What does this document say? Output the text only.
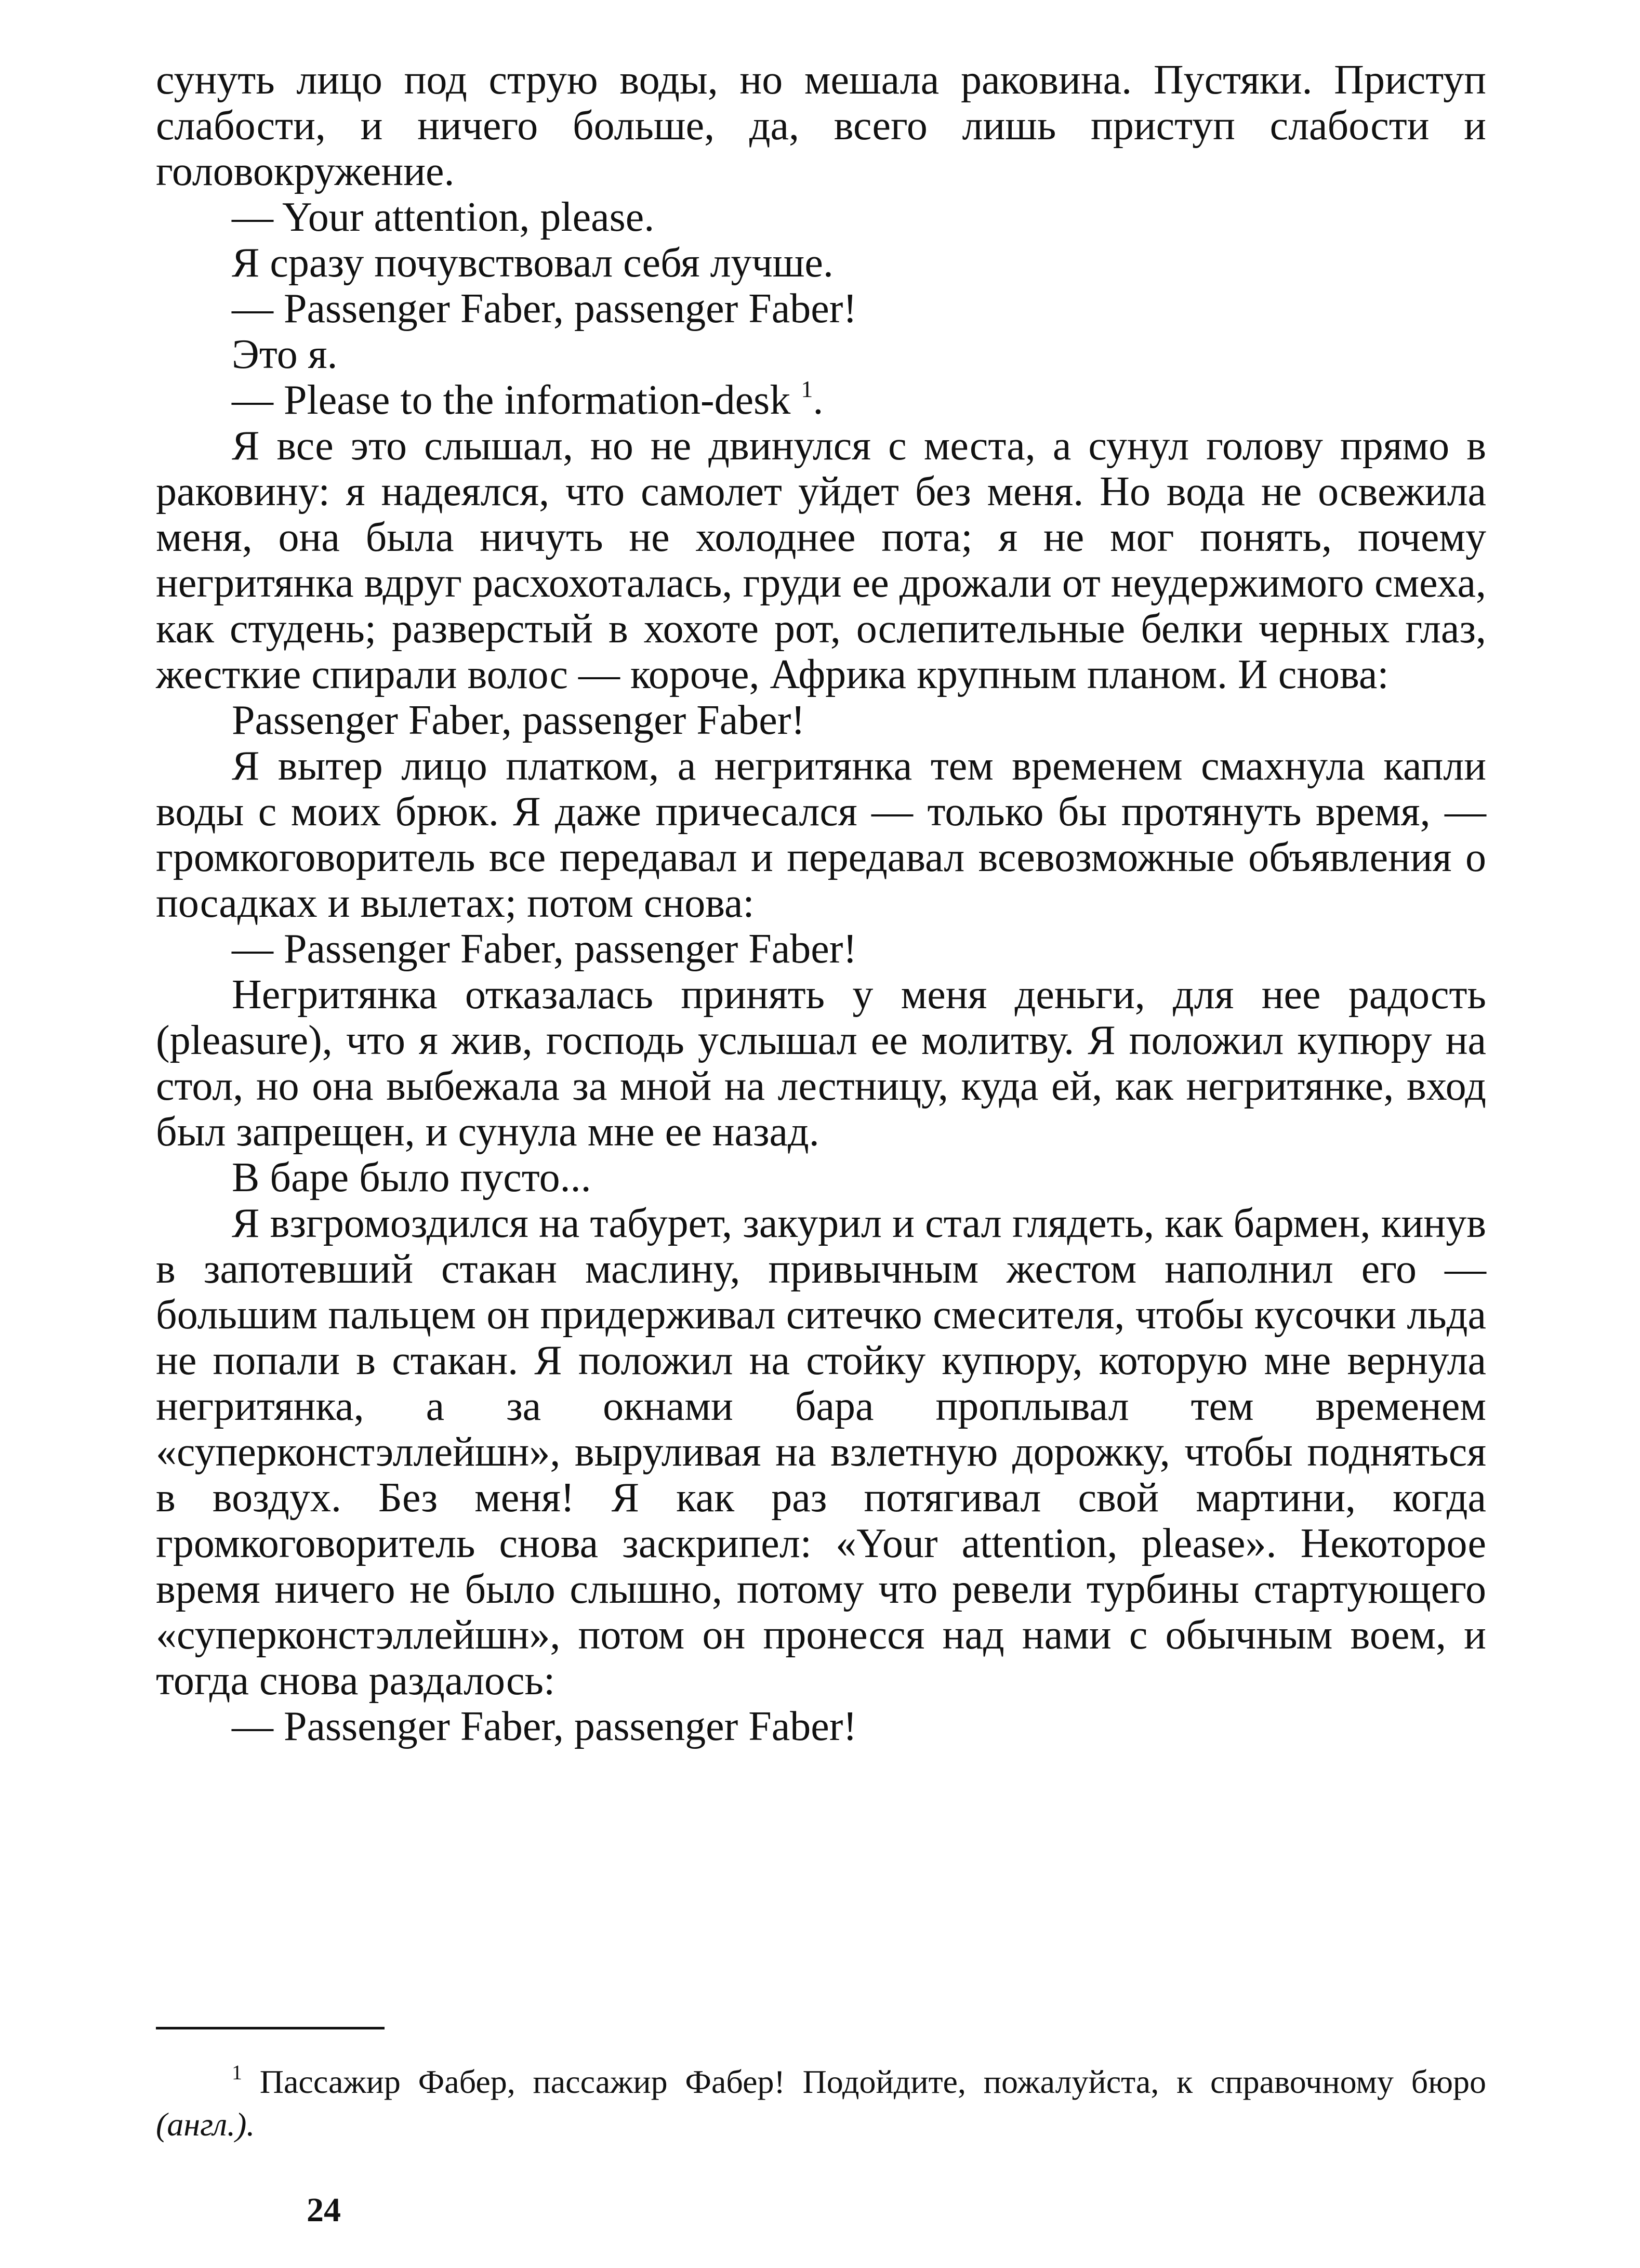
сунуть лицо под струю воды, но мешала раковина. Пустяки. Приступ слабости, и ничего больше, да, всего лишь приступ слабости и головокружение.

— Your attention, please.

Я сразу почувствовал себя лучше.

— Passenger Faber, passenger Faber!

Это я.

— Please to the information-desk $^1$.

Я все это слышал, но не двинулся с места, а сунул голову прямо в раковину: я надеялся, что самолет уйдет без меня. Но вода не освежила меня, она была ничуть не холоднее пота; я не мог понять, почему негритянка вдруг расхохоталась, груди ее дрожали от неудержимого смеха, как студень; разверстый в хохоте рот, ослепительные белки черных глаз, жесткие спирали волос — короче, Африка крупным планом. И снова:

Passenger Faber, passenger Faber!

Я вытер лицо платком, а негритянка тем временем смахнула капли воды с моих брюк. Я даже причесался — только бы протянуть время, — громкоговоритель все передавал и передавал всевозможные объявления о посадках и вылетах; потом снова:

— Passenger Faber, passenger Faber!

Негритянка отказалась принять у меня деньги, для нее радость (pleasure), что я жив, господь услышал ее молитву. Я положил купюру на стол, но она выбежала за мной на лестницу, куда ей, как негритянке, вход был запрещен, и сунула мне ее назад.

В баре было пусто...

Я взгромоздился на табурет, закурил и стал глядеть, как бармен, кинув в запотевший стакан маслину, привычным жестом наполнил его — большим пальцем он придерживал ситечко смесителя, чтобы кусочки льда не попали в стакан. Я положил на стойку купюру, которую мне вернула негритянка, а за окнами бара проплывал тем временем «суперконстэллейшн», выруливая на взлетную дорожку, чтобы подняться в воздух. Без меня! Я как раз потягивал свой мартини, когда громкоговоритель снова заскрипел: «Your attention, please». Некоторое время ничего не было слышно, потому что ревели турбины стартующего «суперконстэллейшн», потом он пронесся над нами с обычным воем, и тогда снова раздалось:

— Passenger Faber, passenger Faber!

$^1$ Пассажир Фабер, пассажир Фабер! Подойдите, пожалуйста, к справочному бюро (англ.).

24
